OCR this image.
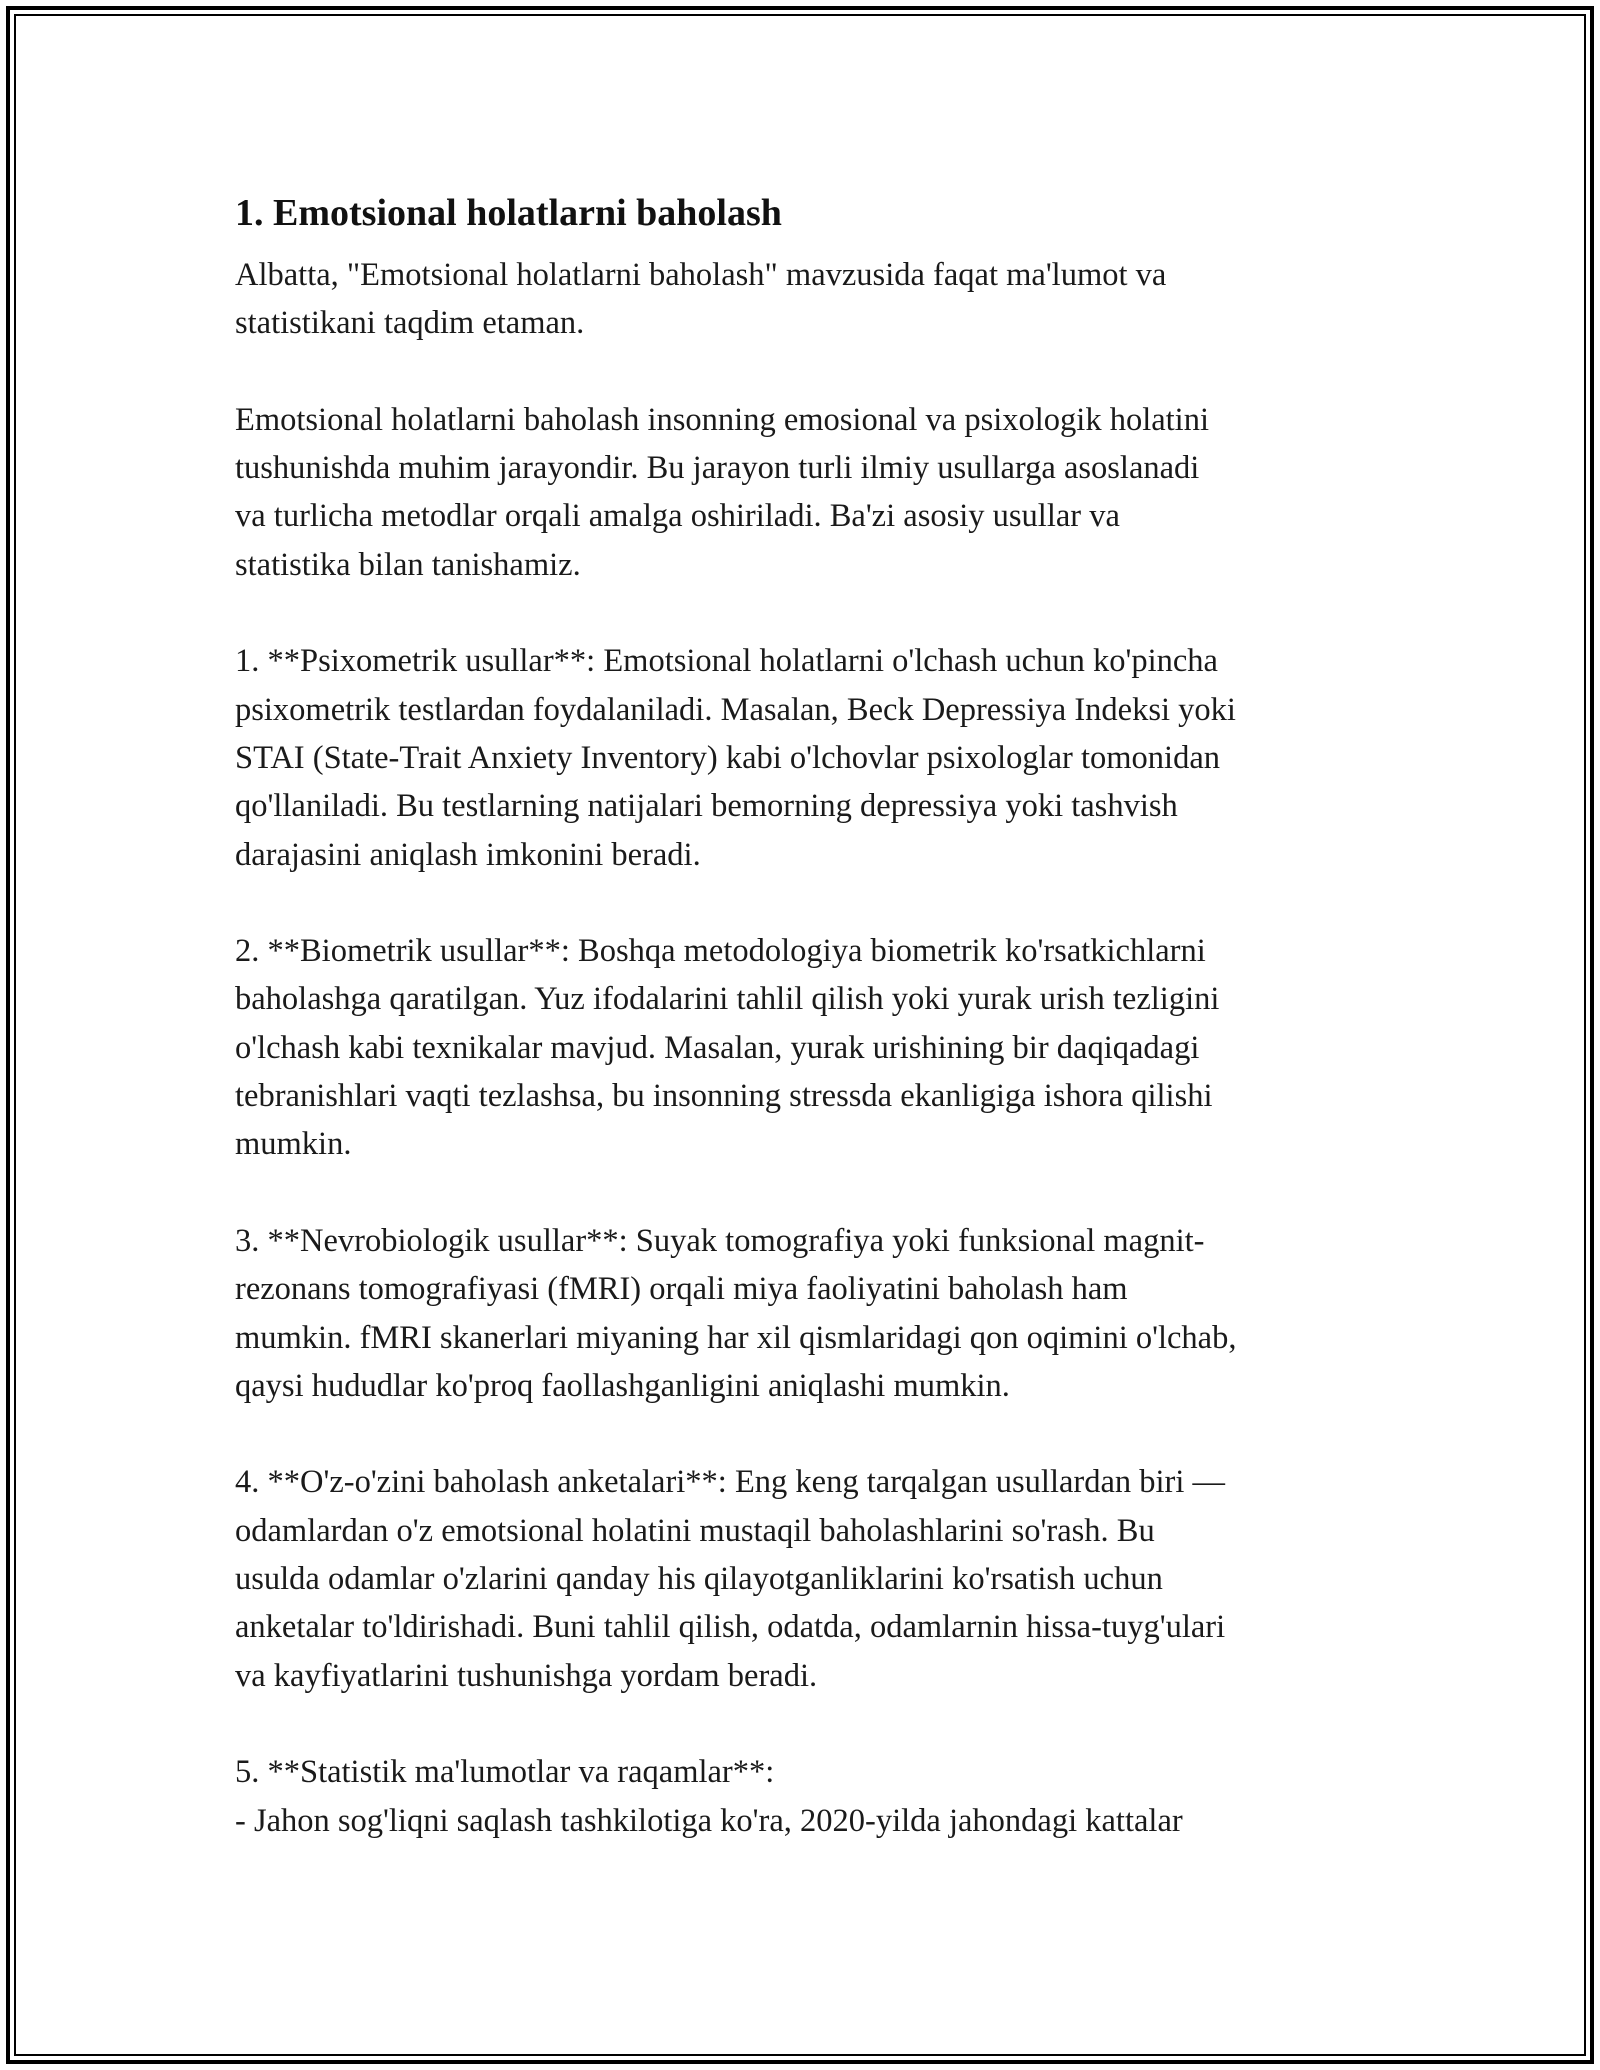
1. Emotsional holatlarni baholash

Albatta, "Emotsional holatlarni baholash" mavzusida faqat ma'lumot va
statistikani taqdim etaman.

Emotsional holatlarni baholash insonning emosional va psixologik holatini
tushunishda muhim jarayondir. Bu jarayon turli ilmiy usullarga asoslanadi
va turlicha metodlar orqali amalga oshiriladi. Ba'zi asosiy usullar va
statistika bilan tanishamiz.

1. **Psixometrik usullar**: Emotsional holatlarni o'lchash uchun ko'pincha
psixometrik testlardan foydalaniladi. Masalan, Beck Depressiya Indeksi yoki
STAI (State-Trait Anxiety Inventory) kabi o'lchovlar psixologlar tomonidan
qo'llaniladi. Bu testlarning natijalari bemorning depressiya yoki tashvish
darajasini aniqlash imkonini beradi.

2. **Biometrik usullar**: Boshqa metodologiya biometrik ko'rsatkichlarni
baholashga qaratilgan. Yuz ifodalarini tahlil qilish yoki yurak urish tezligini
o'lchash kabi texnikalar mavjud. Masalan, yurak urishining bir daqiqadagi
tebranishlari vaqti tezlashsa, bu insonning stressda ekanligiga ishora qilishi
mumkin.

3. **Nevrobiologik usullar**: Suyak tomografiya yoki funksional magnit-
rezonans tomografiyasi (fMRI) orqali miya faoliyatini baholash ham
mumkin. fMRI skanerlari miyaning har xil qismlaridagi qon oqimini o'lchab,
qaysi hududlar ko'proq faollashganligini aniqlashi mumkin.

4. **O'z-o'zini baholash anketalari**: Eng keng tarqalgan usullardan biri —
odamlardan o'z emotsional holatini mustaqil baholashlarini so'rash. Bu
usulda odamlar o'zlarini qanday his qilayotganliklarini ko'rsatish uchun
anketalar to'ldirishadi. Buni tahlil qilish, odatda, odamlarnin hissa-tuyg'ulari
va kayfiyatlarini tushunishga yordam beradi.

5. **Statistik ma'lumotlar va raqamlar**:
- Jahon sog'liqni saqlash tashkilotiga ko'ra, 2020-yilda jahondagi kattalar
